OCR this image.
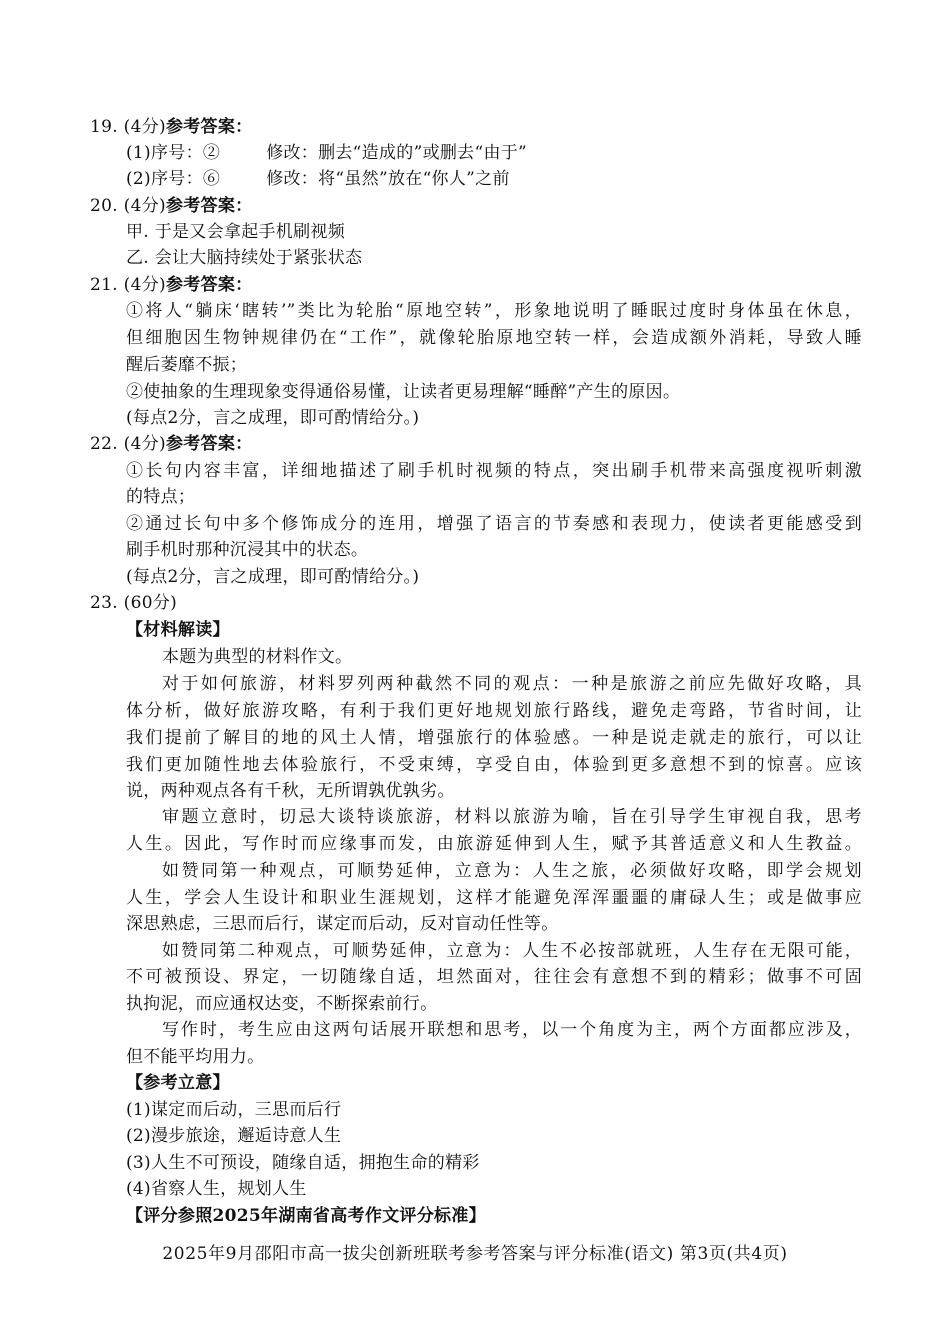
19. (4分)参考答案：
(1)序号：②	修改：删去“造成的”或删去“由于”
(2)序号：⑥	修改：将“虽然”放在“你人”之前
20. (4分)参考答案：
甲. 于是又会拿起手机刷视频
乙. 会让大脑持续处于紧张状态
21. (4分)参考答案：
①将人“躺床‘瞎转’”类比为轮胎“原地空转”，形象地说明了睡眠过度时身体虽在休息，
但细胞因生物钟规律仍在“工作”，就像轮胎原地空转一样，会造成额外消耗，导致人睡
醒后萎靡不振；
②使抽象的生理现象变得通俗易懂，让读者更易理解“睡醉”产生的原因。
(每点2分，言之成理，即可酌情给分。)
22. (4分)参考答案：
①长句内容丰富，详细地描述了刷手机时视频的特点，突出刷手机带来高强度视听刺激
的特点；
②通过长句中多个修饰成分的连用，增强了语言的节奏感和表现力，使读者更能感受到
刷手机时那种沉浸其中的状态。
(每点2分，言之成理，即可酌情给分。)
23. (60分)
【材料解读】
本题为典型的材料作文。
对于如何旅游，材料罗列两种截然不同的观点：一种是旅游之前应先做好攻略，具
体分析，做好旅游攻略，有利于我们更好地规划旅行路线，避免走弯路，节省时间，让
我们提前了解目的地的风土人情，增强旅行的体验感。一种是说走就走的旅行，可以让
我们更加随性地去体验旅行，不受束缚，享受自由，体验到更多意想不到的惊喜。应该
说，两种观点各有千秋，无所谓孰优孰劣。
审题立意时，切忌大谈特谈旅游，材料以旅游为喻，旨在引导学生审视自我，思考
人生。因此，写作时而应缘事而发，由旅游延伸到人生，赋予其普适意义和人生教益。
如赞同第一种观点，可顺势延伸，立意为：人生之旅，必须做好攻略，即学会规划
人生，学会人生设计和职业生涯规划，这样才能避免浑浑噩噩的庸碌人生；或是做事应
深思熟虑，三思而后行，谋定而后动，反对盲动任性等。
如赞同第二种观点，可顺势延伸，立意为：人生不必按部就班，人生存在无限可能，
不可被预设、界定，一切随缘自适，坦然面对，往往会有意想不到的精彩；做事不可固
执拘泥，而应通权达变，不断探索前行。
写作时，考生应由这两句话展开联想和思考，以一个角度为主，两个方面都应涉及，
但不能平均用力。
【参考立意】
(1)谋定而后动，三思而后行
(2)漫步旅途，邂逅诗意人生
(3)人生不可预设，随缘自适，拥抱生命的精彩
(4)省察人生，规划人生
【评分参照2025年湖南省高考作文评分标准】
2025年9月邵阳市高一拔尖创新班联考参考答案与评分标准(语文) 第3页(共4页)
